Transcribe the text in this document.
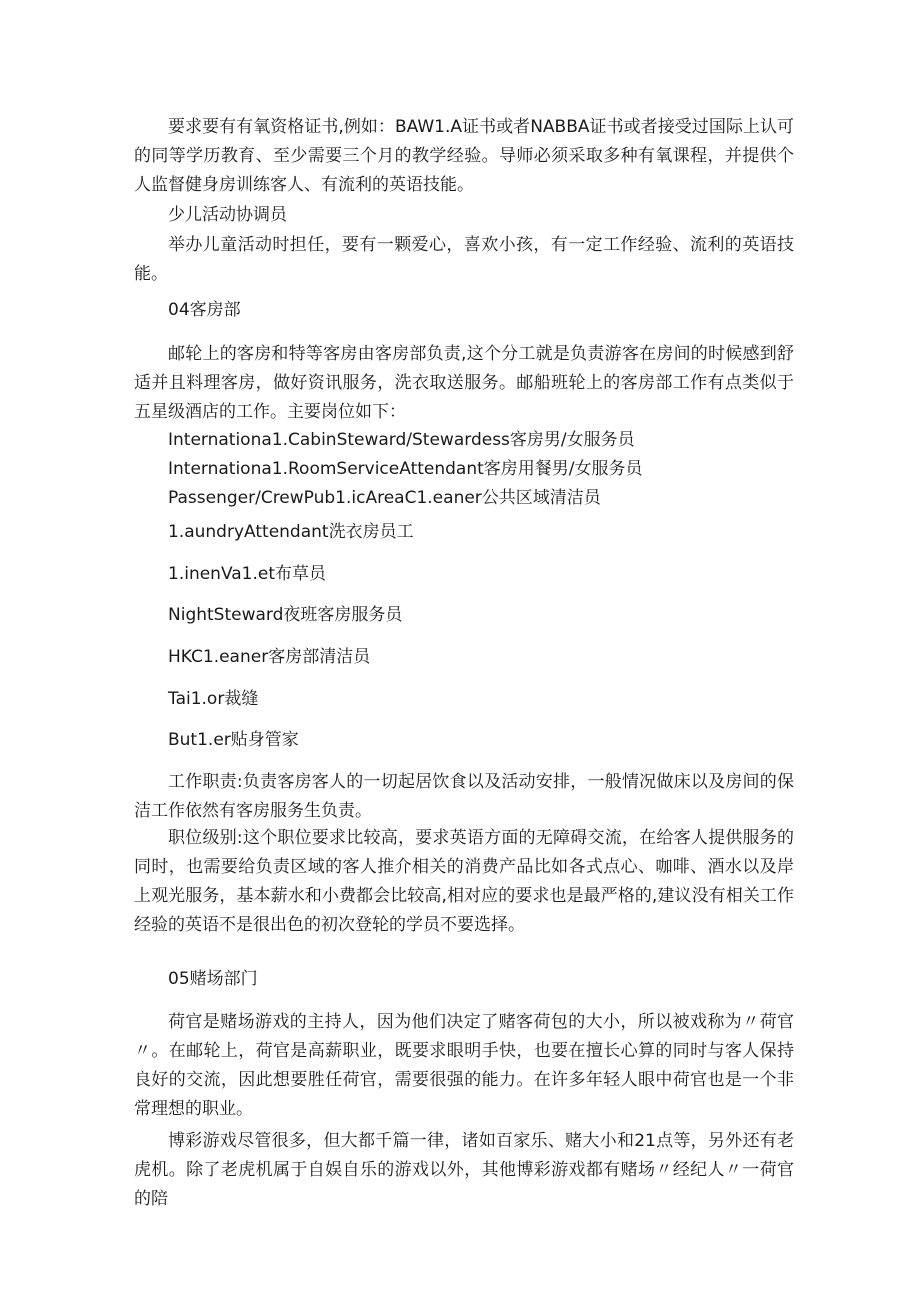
要求要有有氧资格证书,例如：BAW1.A证书或者NABBA证书或者接受过国际上认可的同等学历教育、至少需要三个月的教学经验。导师必须采取多种有氧课程，并提供个人监督健身房训练客人、有流利的英语技能。

少儿活动协调员

举办儿童活动时担任，要有一颗爱心，喜欢小孩，有一定工作经验、流利的英语技能。

04客房部

邮轮上的客房和特等客房由客房部负责,这个分工就是负责游客在房间的时候感到舒适并且料理客房，做好资讯服务，洗衣取送服务。邮船班轮上的客房部工作有点类似于五星级酒店的工作。主要岗位如下：

Internationa1.CabinSteward/Stewardess客房男/女服务员

Internationa1.RoomServiceAttendant客房用餐男/女服务员

Passenger/CrewPub1.icAreaC1.eaner公共区域清洁员

1.aundryAttendant洗衣房员工

1.inenVa1.et布草员

NightSteward夜班客房服务员

HKC1.eaner客房部清洁员

Tai1.or裁缝

But1.er贴身管家

工作职责:负责客房客人的一切起居饮食以及活动安排，一般情况做床以及房间的保洁工作依然有客房服务生负责。

职位级别:这个职位要求比较高，要求英语方面的无障碍交流，在给客人提供服务的同时，也需要给负责区域的客人推介相关的消费产品比如各式点心、咖啡、酒水以及岸上观光服务，基本薪水和小费都会比较高,相对应的要求也是最严格的,建议没有相关工作经验的英语不是很出色的初次登轮的学员不要选择。

05赌场部门

荷官是赌场游戏的主持人，因为他们决定了赌客荷包的大小，所以被戏称为〃荷官〃。在邮轮上，荷官是高薪职业，既要求眼明手快，也要在擅长心算的同时与客人保持良好的交流，因此想要胜任荷官，需要很强的能力。在许多年轻人眼中荷官也是一个非常理想的职业。

博彩游戏尽管很多，但大都千篇一律，诸如百家乐、赌大小和21点等，另外还有老虎机。除了老虎机属于自娱自乐的游戏以外，其他博彩游戏都有赌场〃经纪人〃一荷官的陪
